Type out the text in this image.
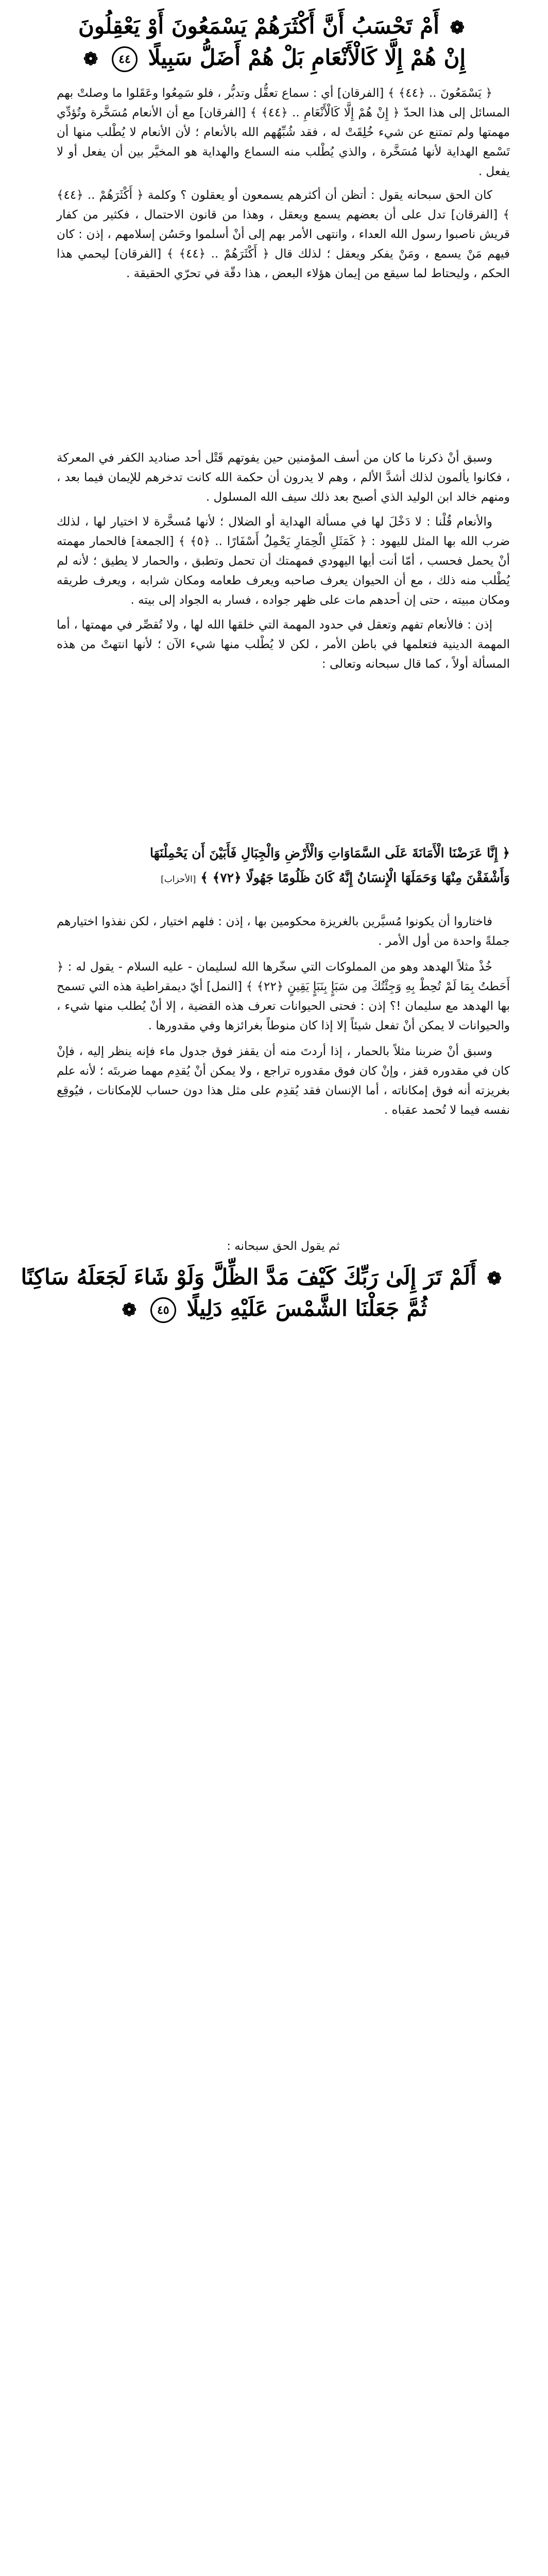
❁ أَمْ تَحْسَبُ أَنَّ أَكْثَرَهُمْ يَسْمَعُونَ أَوْ يَعْقِلُونَ
إِنْ هُمْ إِلَّا كَالْأَنْعَامِ بَلْ هُمْ أَضَلُّ سَبِيلًا ٤٤ ❁

﴿ يَسْمَعُونَ .. ﴿٤٤﴾ ﴾ [الفرقان] أي : سماع تعقُّل وتدبُّر ، فلو سَمِعُوا وعَقَلوا ما وصلتْ بهم المسائل إلى هذا الحدّ ﴿ إِنْ هُمْ إِلَّا كَالْأَنْعَامِ .. ﴿٤٤﴾ ﴾ [الفرقان] مع أن الأنعام مُسَخَّرة وتُؤدِّي مهمتها ولم تمتنع عن شيء خُلِقَتْ له ، فقد شُبِّهُهم الله بالأنعام ؛ لأن الأنعام لا يُطْلب منها أن تَسْمع الهداية لأنها مُسَخَّرة ، والذي يُطْلب منه السماع والهداية هو المخيَّر بين أن يفعل أو لا يفعل .

كان الحق سبحانه يقول : أتظن أن أكثرهم يسمعون أو يعقلون ؟ وكلمة ﴿ أَكْثَرَهُمْ .. ﴿٤٤﴾ ﴾ [الفرقان] تدل على أن بعضهم يسمع ويعقل ، وهذا من قانون الاحتمال ، فكثير من كفار قريش ناصبوا رسول الله العداء ، وانتهى الأمر بهم إلى أنْ أسلموا وحَسُن إسلامهم ، إذن : كان فيهم مَنْ يسمع ، ومَنْ يفكر ويعقل ؛ لذلك قال ﴿ أَكْثَرَهُمْ .. ﴿٤٤﴾ ﴾ [الفرقان] ليحمي هذا الحكم ، وليحتاط لما سيقع من إيمان هؤلاء البعض ، هذا دقّة في تحرّي الحقيقة .

وسبق أنْ ذكرنا ما كان من أسف المؤمنين حين يفوتهم قَتْل أحد صناديد الكفر في المعركة ، فكانوا يألمون لذلك أشدَّ الألم ، وهم لا يدرون أن حكمة الله كانت تدخرهم للإيمان فيما بعد ، ومنهم خالد ابن الوليد الذي أصبح بعد ذلك سيف الله المسلول .

والأنعام قُلْنا : لا دَخْلَ لها في مسألة الهداية أو الضلال ؛ لأنها مُسخَّرة لا اختيار لها ، لذلك ضرب الله بها المثل لليهود : ﴿ كَمَثَلِ الْحِمَارِ يَحْمِلُ أَسْفَارًا .. ﴿٥﴾ ﴾ [الجمعة] فالحمار مهمته أنْ يحمل فحسب ، أمّا أنت أيها اليهودي فمهمتك أن تحمل وتطبق ، والحمار لا يطيق ؛ لأنه لم يُطْلب منه ذلك ، مع أن الحيوان يعرف صاحبه ويعرف طعامه ومكان شرابه ، ويعرف طريقه ومكان مبيته ، حتى إن أحدهم مات على ظهر جواده ، فسار به الجواد إلى بيته .

إذن : فالأنعام تفهم وتعقل في حدود المهمة التي خلقها الله لها ، ولا تُقصِّر في مهمتها ، أما المهمة الدينية فتعلمها في باطن الأمر ، لكن لا يُطْلب منها شيء الآن ؛ لأنها انتهتْ من هذه المسألة أولاً ، كما قال سبحانه وتعالى :

﴿ إِنَّا عَرَضْنَا الْأَمَانَةَ عَلَى السَّمَاوَاتِ وَالْأَرْضِ وَالْجِبَالِ فَأَبَيْنَ أَن يَحْمِلْنَهَا
وَأَشْفَقْنَ مِنْهَا وَحَمَلَهَا الْإِنسَانُ إِنَّهُ كَانَ ظَلُومًا جَهُولًا ﴿٧٢﴾ ﴾ [الأحزاب]

فاختاروا أن يكونوا مُسيَّرين بالغريزة محكومين بها ، إذن : فلهم اختيار ، لكن نفذوا اختيارهم جملةً واحدة من أول الأمر .

خُذْ مثلاً الهدهد وهو من المملوكات التي سخّرها الله لسليمان - عليه السلام - يقول له : ﴿ أَحَطتُ بِمَا لَمْ تُحِطْ بِهِ وَجِئْتُكَ مِن سَبَإٍ بِنَبَإٍ يَقِينٍ ﴿٢٢﴾ ﴾ [النمل] أيّ ديمقراطية هذه التي تسمح بها الهدهد مع سليمان !؟ إذن : فحتى الحيوانات تعرف هذه القضية ، إلا أنْ يُطلب منها شيء ، والحيوانات لا يمكن أنْ تفعل شيئاً إلا إذا كان منوطاً بغرائزها وفي مقدورها .

وسبق أنْ ضربنا مثلاً بالحمار ، إذا أردتَ منه أن يقفز فوق جدول ماء فإنه ينظر إليه ، فإنْ كان في مقدوره قفز ، وإنْ كان فوق مقدوره تراجع ، ولا يمكن أنْ يُقدِم مهما ضربتَه ؛ لأنه علم بغريزته أنه فوق إمكاناته ، أما الإنسان فقد يُقدِم على مثل هذا دون حساب للإمكانات ، فيُوقِع نفسه فيما لا تُحمد عقباه .

ثم يقول الحق سبحانه :
❁ أَلَمْ تَرَ إِلَىٰ رَبِّكَ كَيْفَ مَدَّ الظِّلَّ وَلَوْ شَاءَ لَجَعَلَهُ سَاكِنًا
ثُمَّ جَعَلْنَا الشَّمْسَ عَلَيْهِ دَلِيلًا ٤٥ ❁
